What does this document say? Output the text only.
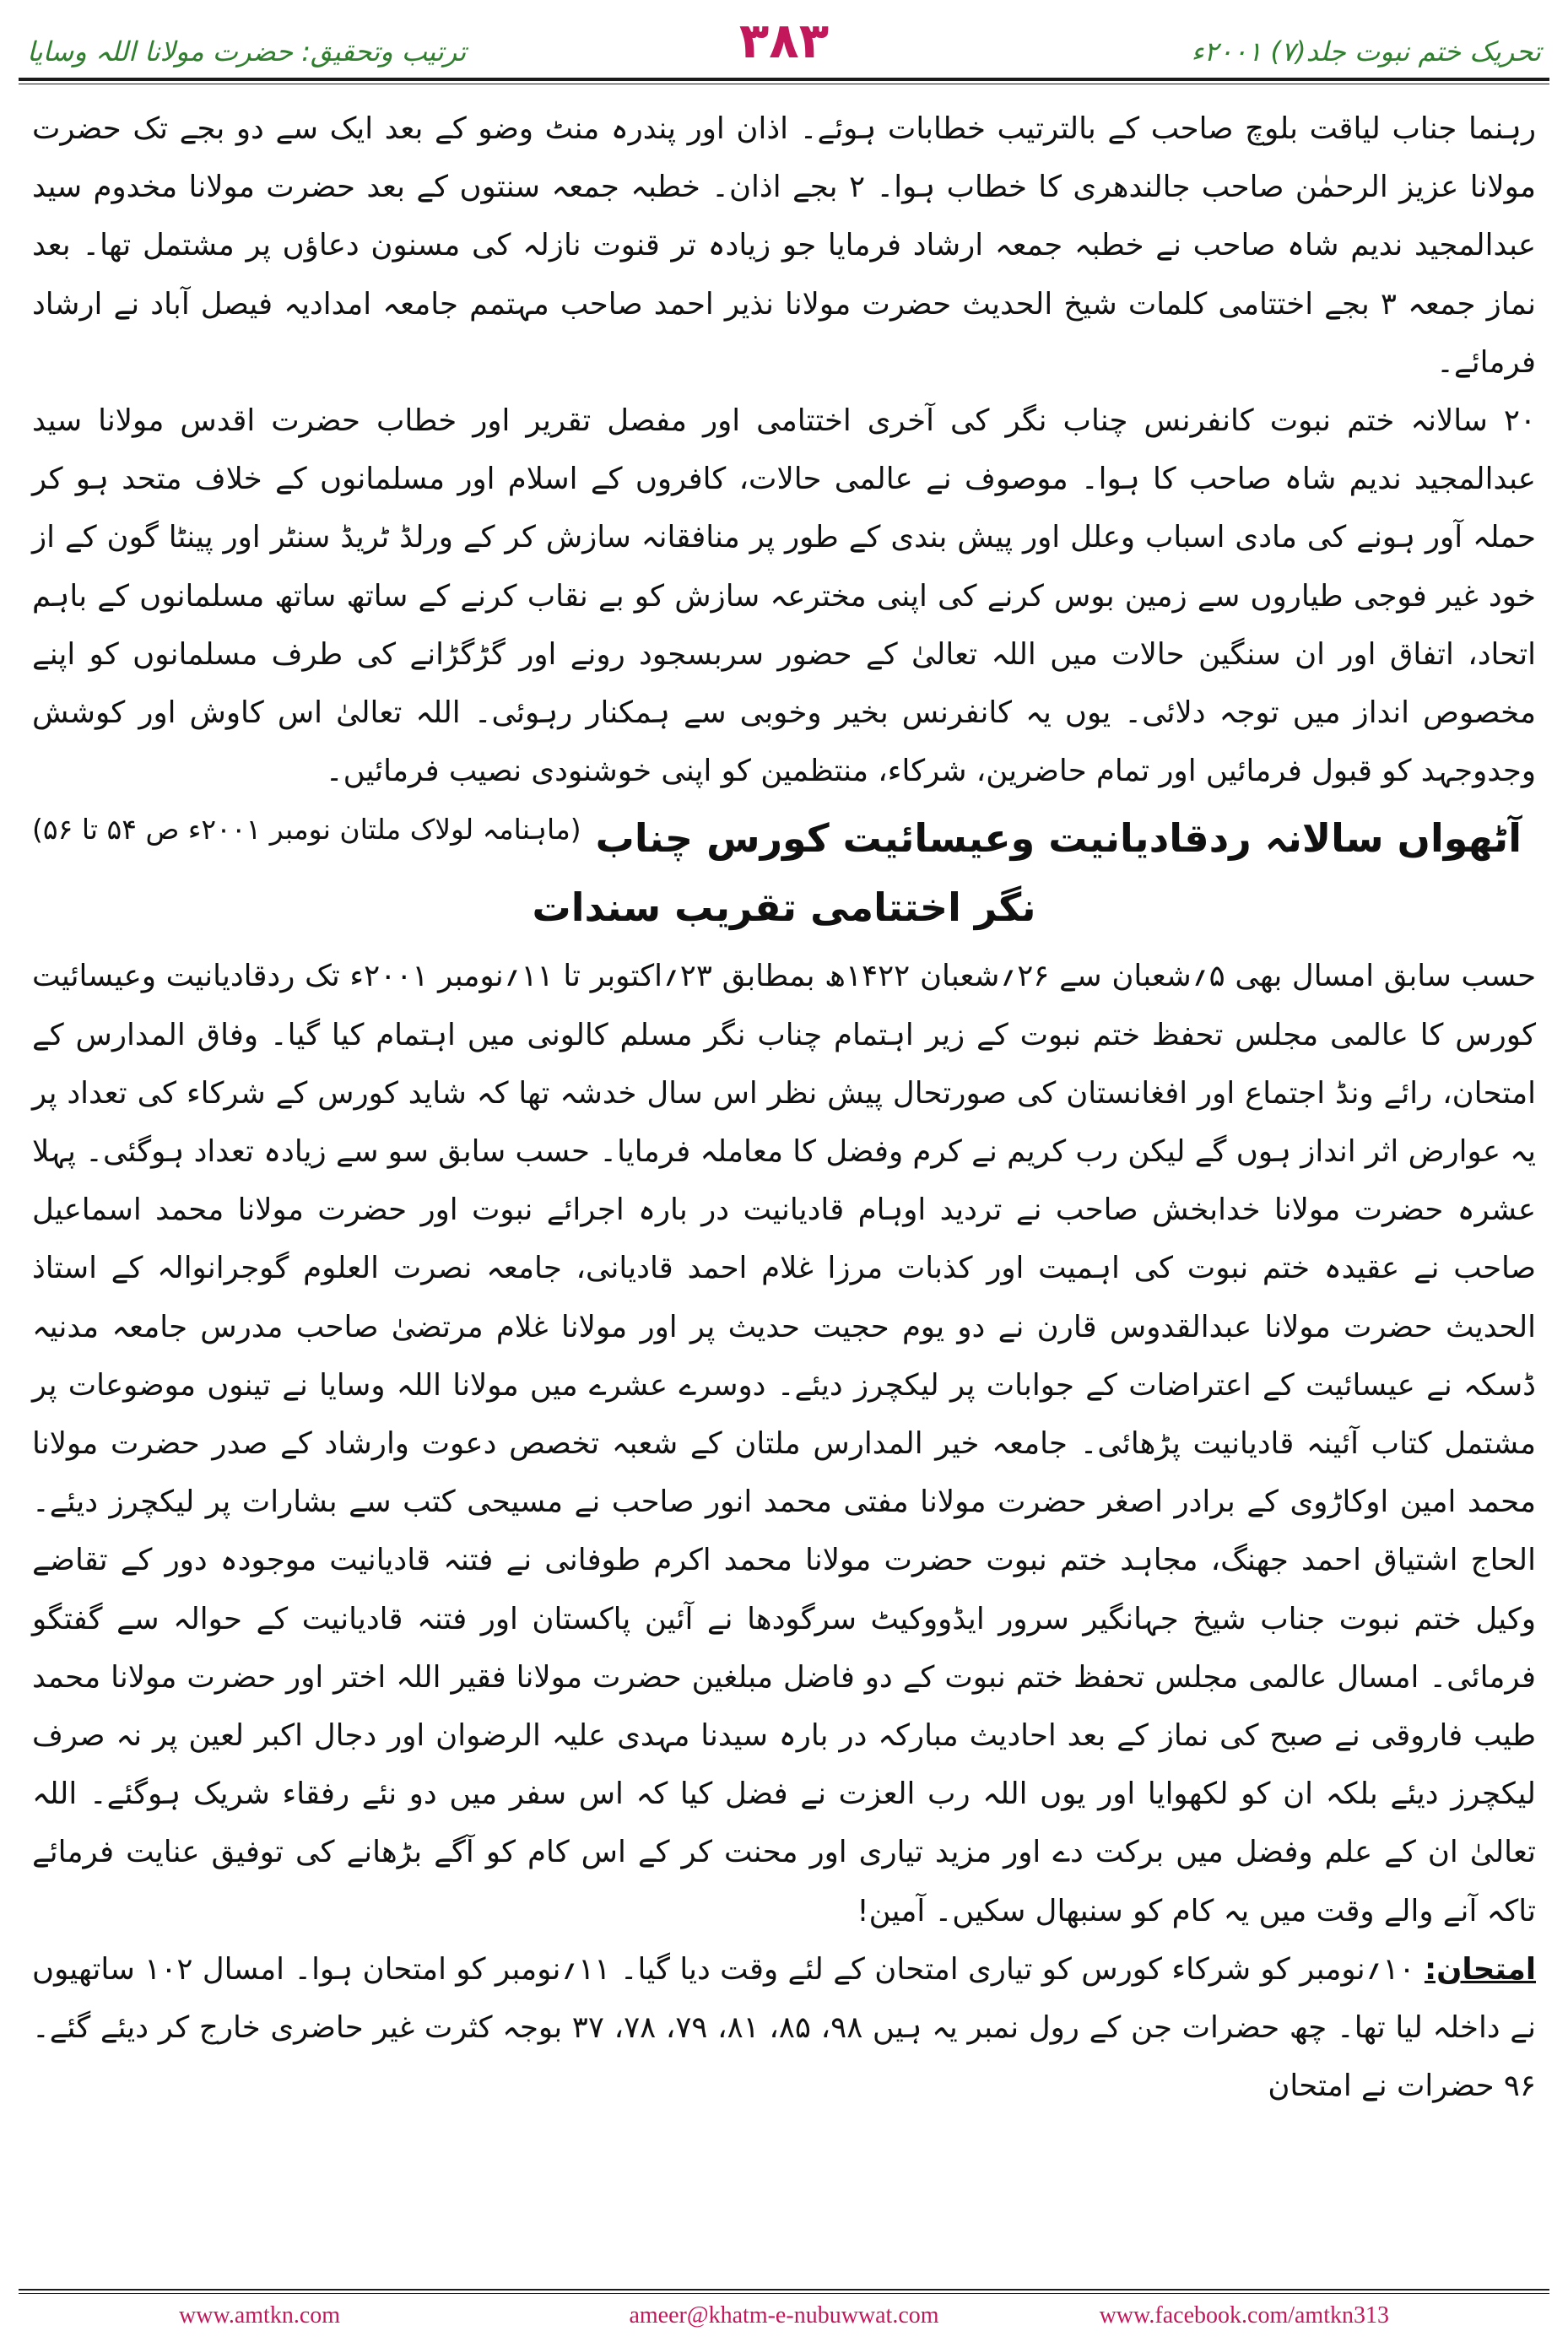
ترتیب وتحقیق: حضرت مولانا اللہ وسایا	۳۸۳	تحریک ختم نبوت جلد(۷) ۲۰۰۱ء

رہنما جناب لیاقت بلوچ صاحب کے بالترتیب خطابات ہوئے۔ اذان اور پندرہ منٹ وضو کے بعد ایک سے دو بجے تک حضرت مولانا عزیز الرحمٰن صاحب جالندھری کا خطاب ہوا۔ ۲ بجے اذان۔ خطبہ جمعہ سنتوں کے بعد حضرت مولانا مخدوم سید عبدالمجید ندیم شاہ صاحب نے خطبہ جمعہ ارشاد فرمایا جو زیادہ تر قنوت نازلہ کی مسنون دعاؤں پر مشتمل تھا۔ بعد نماز جمعہ ۳ بجے اختتامی کلمات شیخ الحدیث حضرت مولانا نذیر احمد صاحب مہتمم جامعہ امدادیہ فیصل آباد نے ارشاد فرمائے۔

۲۰ سالانہ ختم نبوت کانفرنس چناب نگر کی آخری اختتامی اور مفصل تقریر اور خطاب حضرت اقدس مولانا سید عبدالمجید ندیم شاہ صاحب کا ہوا۔ موصوف نے عالمی حالات، کافروں کے اسلام اور مسلمانوں کے خلاف متحد ہو کر حملہ آور ہونے کی مادی اسباب وعلل اور پیش بندی کے طور پر منافقانہ سازش کر کے ورلڈ ٹریڈ سنٹر اور پینٹا گون کے از خود غیر فوجی طیاروں سے زمین بوس کرنے کی اپنی مخترعہ سازش کو بے نقاب کرنے کے ساتھ ساتھ مسلمانوں کے باہم اتحاد، اتفاق اور ان سنگین حالات میں اللہ تعالیٰ کے حضور سربسجود رونے اور گڑگڑانے کی طرف مسلمانوں کو اپنے مخصوص انداز میں توجہ دلائی۔ یوں یہ کانفرنس بخیر وخوبی سے ہمکنار رہوئی۔ اللہ تعالیٰ اس کاوش اور کوشش وجدوجہد کو قبول فرمائیں اور تمام حاضرین، شرکاء، منتظمین کو اپنی خوشنودی نصیب فرمائیں۔
(ماہنامہ لولاک ملتان نومبر ۲۰۰۱ء ص ۵۴ تا ۵۶) آٹھواں سالانہ ردقادیانیت وعیسائیت کورس چناب نگر اختتامی تقریب سندات

حسب سابق امسال بھی ۵؍شعبان سے ۲۶؍شعبان ۱۴۲۲ھ بمطابق ۲۳؍اکتوبر تا ۱۱؍نومبر ۲۰۰۱ء تک ردقادیانیت وعیسائیت کورس کا عالمی مجلس تحفظ ختم نبوت کے زیر اہتمام چناب نگر مسلم کالونی میں اہتمام کیا گیا۔ وفاق المدارس کے امتحان، رائے ونڈ اجتماع اور افغانستان کی صورتحال پیش نظر اس سال خدشہ تھا کہ شاید کورس کے شرکاء کی تعداد پر یہ عوارض اثر انداز ہوں گے لیکن رب کریم نے کرم وفضل کا معاملہ فرمایا۔ حسب سابق سو سے زیادہ تعداد ہوگئی۔ پہلا عشرہ حضرت مولانا خدابخش صاحب نے تردید اوہام قادیانیت در بارہ اجرائے نبوت اور حضرت مولانا محمد اسماعیل صاحب نے عقیدہ ختم نبوت کی اہمیت اور کذبات مرزا غلام احمد قادیانی، جامعہ نصرت العلوم گوجرانوالہ کے استاذ الحدیث حضرت مولانا عبدالقدوس قارن نے دو یوم حجیت حدیث پر اور مولانا غلام مرتضیٰ صاحب مدرس جامعہ مدنیہ ڈسکہ نے عیسائیت کے اعتراضات کے جوابات پر لیکچرز دیئے۔ دوسرے عشرے میں مولانا اللہ وسایا نے تینوں موضوعات پر مشتمل کتاب آئینہ قادیانیت پڑھائی۔ جامعہ خیر المدارس ملتان کے شعبہ تخصص دعوت وارشاد کے صدر حضرت مولانا محمد امین اوکاڑوی کے برادر اصغر حضرت مولانا مفتی محمد انور صاحب نے مسیحی کتب سے بشارات پر لیکچرز دیئے۔ الحاج اشتیاق احمد جھنگ، مجاہد ختم نبوت حضرت مولانا محمد اکرم طوفانی نے فتنہ قادیانیت موجودہ دور کے تقاضے وکیل ختم نبوت جناب شیخ جہانگیر سرور ایڈووکیٹ سرگودھا نے آئین پاکستان اور فتنہ قادیانیت کے حوالہ سے گفتگو فرمائی۔ امسال عالمی مجلس تحفظ ختم نبوت کے دو فاضل مبلغین حضرت مولانا فقیر اللہ اختر اور حضرت مولانا محمد طیب فاروقی نے صبح کی نماز کے بعد احادیث مبارکہ در بارہ سیدنا مہدی علیہ الرضوان اور دجال اکبر لعین پر نہ صرف لیکچرز دیئے بلکہ ان کو لکھوایا اور یوں اللہ رب العزت نے فضل کیا کہ اس سفر میں دو نئے رفقاء شریک ہوگئے۔ اللہ تعالیٰ ان کے علم وفضل میں برکت دے اور مزید تیاری اور محنت کر کے اس کام کو آگے بڑھانے کی توفیق عنایت فرمائے تاکہ آنے والے وقت میں یہ کام کو سنبھال سکیں۔ آمین!

امتحان: ۱۰؍نومبر کو شرکاء کورس کو تیاری امتحان کے لئے وقت دیا گیا۔ ۱۱؍نومبر کو امتحان ہوا۔ امسال ۱۰۲ ساتھیوں نے داخلہ لیا تھا۔ چھ حضرات جن کے رول نمبر یہ ہیں ۹۸، ۸۵، ۸۱، ۷۹، ۷۸، ۳۷ بوجہ کثرت غیر حاضری خارج کر دیئے گئے۔ ۹۶ حضرات نے امتحان

www.amtkn.com	ameer@khatm-e-nubuwwat.com	www.facebook.com/amtkn313
